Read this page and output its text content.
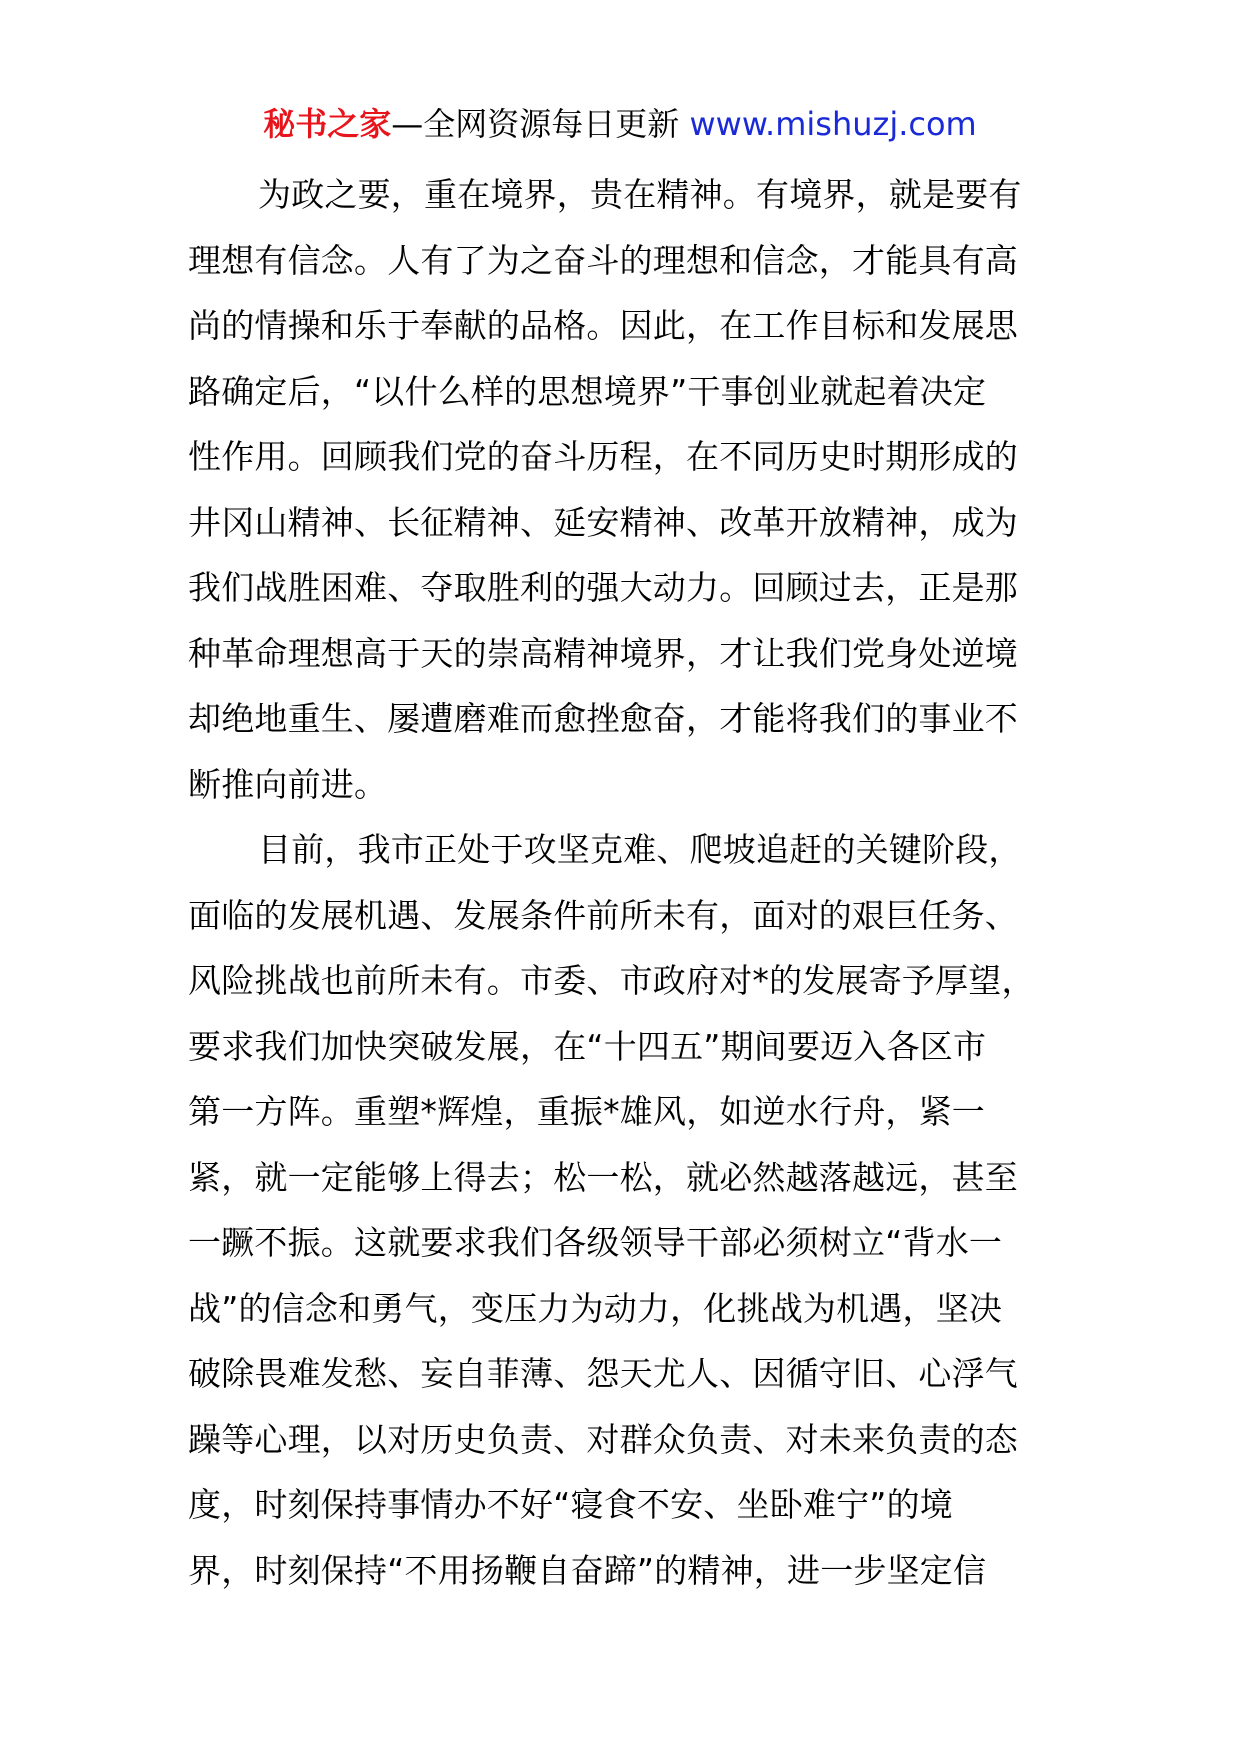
秘书之家—全网资源每日更新 www.mishuzj.com
为政之要，重在境界，贵在精神。有境界，就是要有
理想有信念。人有了为之奋斗的理想和信念，才能具有高
尚的情操和乐于奉献的品格。因此，在工作目标和发展思
路确定后，“以什么样的思想境界”干事创业就起着决定
性作用。回顾我们党的奋斗历程，在不同历史时期形成的
井冈山精神、长征精神、延安精神、改革开放精神，成为
我们战胜困难、夺取胜利的强大动力。回顾过去，正是那
种革命理想高于天的崇高精神境界，才让我们党身处逆境
却绝地重生、屡遭磨难而愈挫愈奋，才能将我们的事业不
断推向前进。
目前，我市正处于攻坚克难、爬坡追赶的关键阶段，
面临的发展机遇、发展条件前所未有，面对的艰巨任务、
风险挑战也前所未有。市委、市政府对*的发展寄予厚望，
要求我们加快突破发展，在“十四五”期间要迈入各区市
第一方阵。重塑*辉煌，重振*雄风，如逆水行舟，紧一
紧，就一定能够上得去；松一松，就必然越落越远，甚至
一蹶不振。这就要求我们各级领导干部必须树立“背水一
战”的信念和勇气，变压力为动力，化挑战为机遇，坚决
破除畏难发愁、妄自菲薄、怨天尤人、因循守旧、心浮气
躁等心理，以对历史负责、对群众负责、对未来负责的态
度，时刻保持事情办不好“寝食不安、坐卧难宁”的境
界，时刻保持“不用扬鞭自奋蹄”的精神，进一步坚定信
